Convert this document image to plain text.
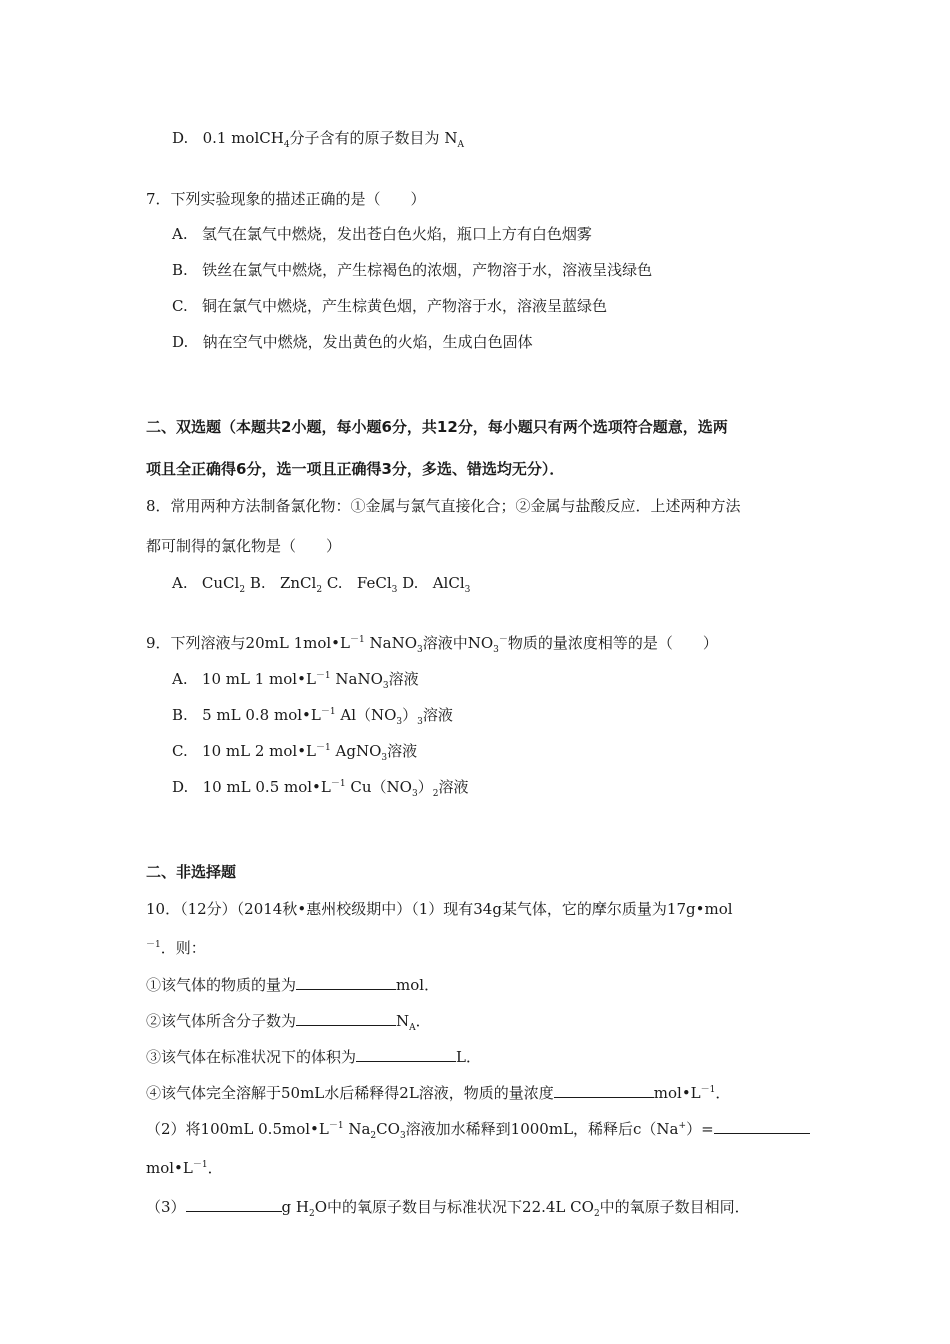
D. 0.1 molCH$_4$分子含有的原子数目为 $N_A$
7．下列实验现象的描述正确的是（　　）
A. 氢气在氯气中燃烧，发出苍白色火焰，瓶口上方有白色烟雾
B. 铁丝在氯气中燃烧，产生棕褐色的浓烟，产物溶于水，溶液呈浅绿色
C. 铜在氯气中燃烧，产生棕黄色烟，产物溶于水，溶液呈蓝绿色
D. 钠在空气中燃烧，发出黄色的火焰，生成白色固体
二、双选题（本题共2小题，每小题6分，共12分，每小题只有两个选项符合题意，选两
项且全正确得6分，选一项且正确得3分，多选、错选均无分）．
8．常用两种方法制备氯化物：①金属与氯气直接化合；②金属与盐酸反应．上述两种方法
都可制得的氯化物是（　　）
A. CuCl$_2$ B. ZnCl$_2$ C. FeCl$_3$ D. AlCl$_3$
9．下列溶液与20mL $1mol•L^{-1}$ NaNO$_3$溶液中$NO_3^-$物质的量浓度相等的是（　　）
A. 10 mL 1 $mol•L^{-1}$ NaNO$_3$溶液
B. 5 mL 0.8 $mol•L^{-1}$ $Al(NO_3)_3$溶液
C. 10 mL 2 $mol•L^{-1}$ AgNO$_3$溶液
D. 10 mL 0.5 $mol•L^{-1}$ $Cu(NO_3)_2$溶液
二、非选择题
10．（12分）（2014秋•惠州校级期中）（1）现有34g某气体，它的摩尔质量为17g•mol
$^{-1}$．则：
①该气体的物质的量为	mol．
②该气体所含分子数为	$N_A$．
③该气体在标准状况下的体积为	L．
④该气体完全溶解于50mL水后稀释得2L溶液，物质的量浓度	$mol•L^{-1}$．
（2）将100mL $0.5mol•L^{-1}$ $Na_2CO_3$溶液加水稀释到1000mL，稀释后c（Na+）=
$mol•L^{-1}$．
（3）	g $H_2O$中的氧原子数目与标准状况下22.4L $CO_2$中的氧原子数目相同．
